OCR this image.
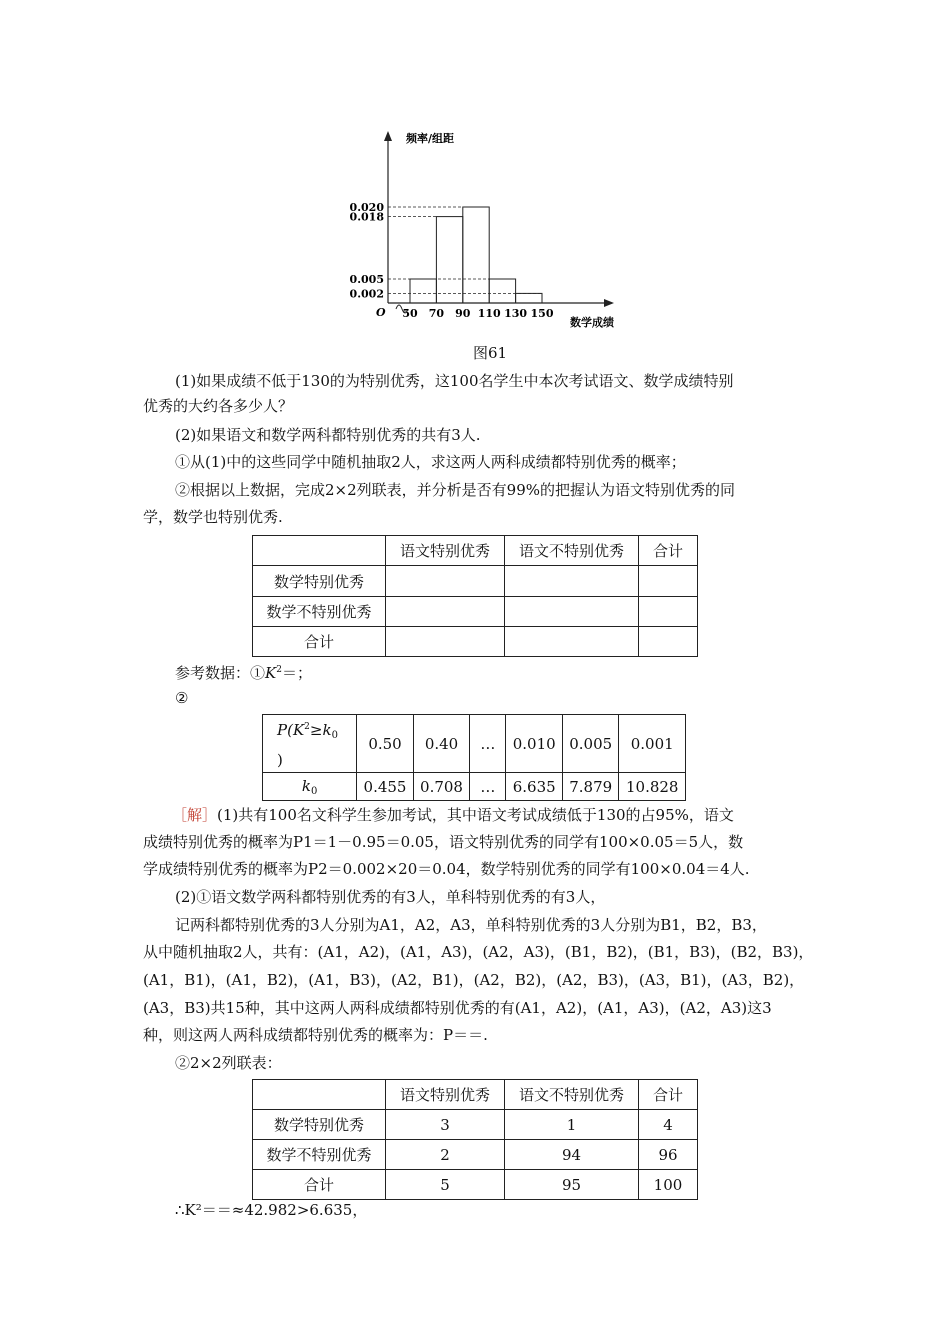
频率/组距
数学成绩
O
0.002
0.005
0.018
0.020
50 70 90 110 130 150
图61
(1)如果成绩不低于130的为特别优秀，这100名学生中本次考试语文、数学成绩特别
优秀的大约各多少人？
(2)如果语文和数学两科都特别优秀的共有3人.
①从(1)中的这些同学中随机抽取2人，求这两人两科成绩都特别优秀的概率；
②根据以上数据，完成2×2列联表，并分析是否有99%的把握认为语文特别优秀的同
学，数学也特别优秀.
	语文特别优秀	语文不特别优秀	合计
数学特别优秀			
数学不特别优秀			
合计			
参考数据：$①K^2=$；
②
$P(K^2\ge k_0$
)	0.50	0.40	…	0.010	0.005	0.001
$k_0$	0.455	0.708	…	6.635	7.879	10.828
［解］(1)共有100名文科学生参加考试，其中语文考试成绩低于130的占95%，语文
成绩特别优秀的概率为P1＝1－0.95＝0.05，语文特别优秀的同学有100×0.05＝5人，数
学成绩特别优秀的概率为P2＝0.002×20＝0.04，数学特别优秀的同学有100×0.04＝4人.
(2)①语文数学两科都特别优秀的有3人，单科特别优秀的有3人，
记两科都特别优秀的3人分别为A1，A2，A3，单科特别优秀的3人分别为B1，B2，B3，
从中随机抽取2人，共有：(A1，A2)，(A1，A3)，(A2，A3)，(B1，B2)，(B1，B3)，(B2，B3)，
(A1，B1)，(A1，B2)，(A1，B3)，(A2，B1)，(A2，B2)，(A2，B3)，(A3，B1)，(A3，B2)，
(A3，B3)共15种，其中这两人两科成绩都特别优秀的有(A1，A2)，(A1，A3)，(A2，A3)这3
种，则这两人两科成绩都特别优秀的概率为：P＝＝.
②2×2列联表：
	语文特别优秀	语文不特别优秀	合计
数学特别优秀	3	1	4
数学不特别优秀	2	94	96
合计	5	95	100
∴K²＝＝≈42.982>6.635，
